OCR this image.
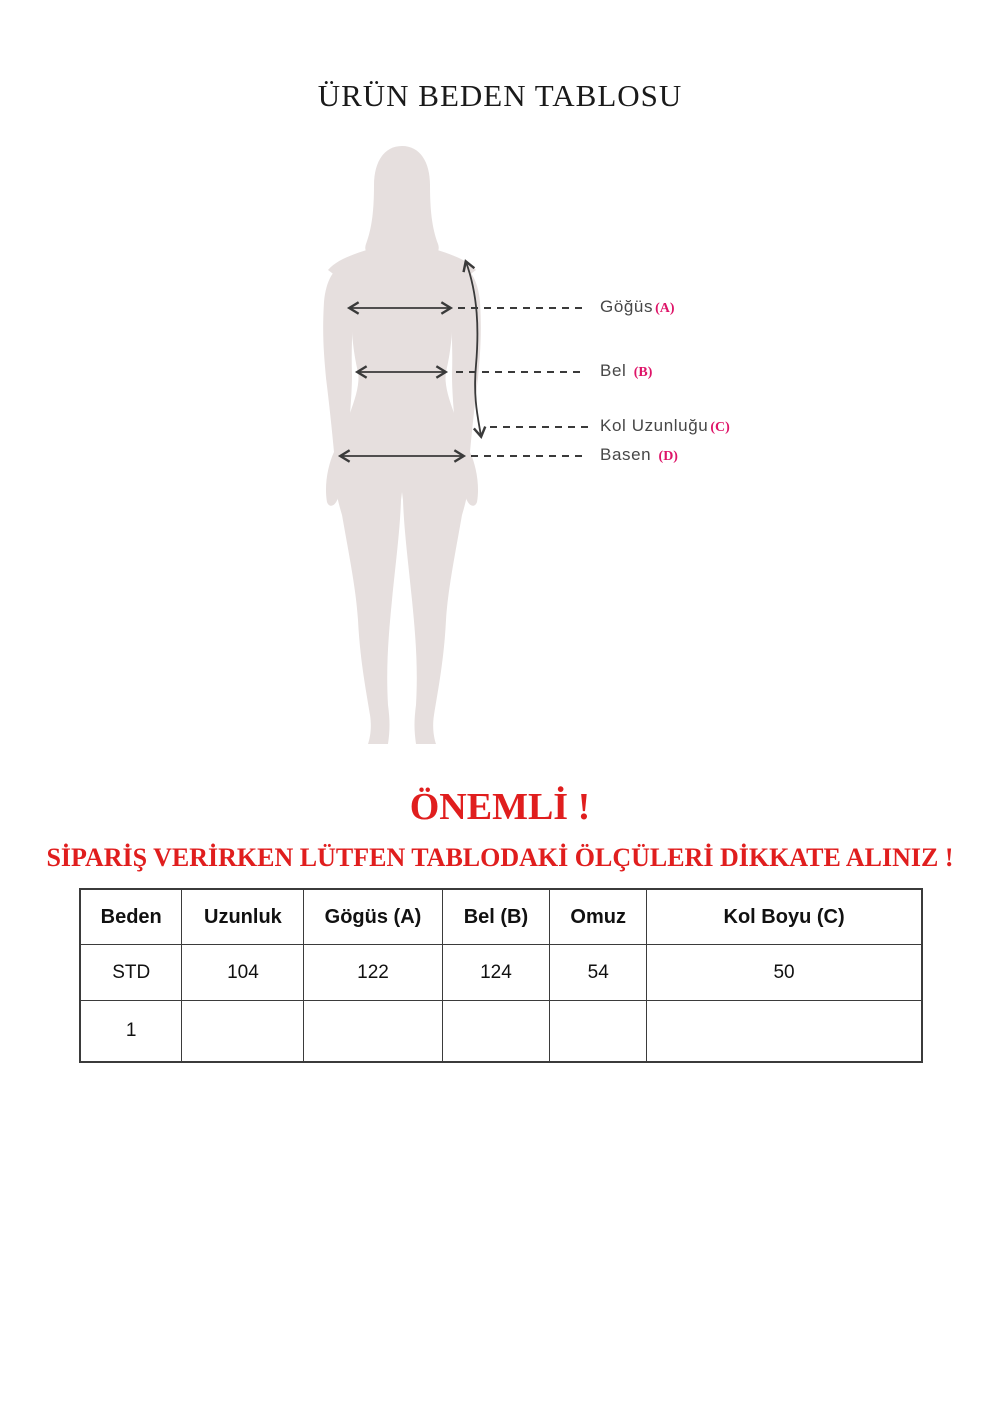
ÜRÜN BEDEN TABLOSU
Göğüs (A)
Bel (B)
Kol Uzunluğu (C)
Basen (D)
ÖNEMLİ !
SİPARİŞ VERİRKEN LÜTFEN TABLODAKİ ÖLÇÜLERİ DİKKATE ALINIZ !
Beden	Uzunluk	Gögüs (A)	Bel (B)	Omuz	Kol Boyu (C)
STD	104	122	124	54	50
1					
